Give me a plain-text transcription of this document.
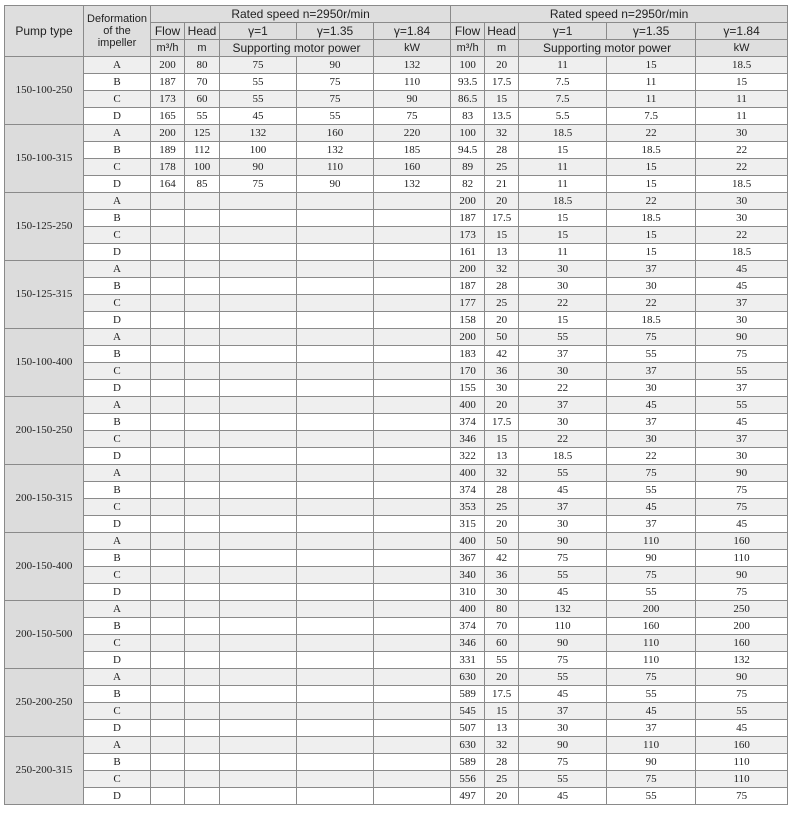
Pump type	Deformation of the impeller	Rated speed n=2950r/min					Rated speed n=2950r/min				
		Flow	Head	γ=1	γ=1.35	γ=1.84	Flow	Head	γ=1	γ=1.35	γ=1.84
		m³/h	m	Supporting motor power		kW	m³/h	m	Supporting motor power		kW
150-100-250	A	200	80	75	90	132	100	20	11	15	18.5
	B	187	70	55	75	110	93.5	17.5	7.5	11	15
	C	173	60	55	75	90	86.5	15	7.5	11	11
	D	165	55	45	55	75	83	13.5	5.5	7.5	11
150-100-315	A	200	125	132	160	220	100	32	18.5	22	30
	B	189	112	100	132	185	94.5	28	15	18.5	22
	C	178	100	90	110	160	89	25	11	15	22
	D	164	85	75	90	132	82	21	11	15	18.5
150-125-250	A						200	20	18.5	22	30
	B						187	17.5	15	18.5	30
	C						173	15	15	15	22
	D						161	13	11	15	18.5
150-125-315	A						200	32	30	37	45
	B						187	28	30	30	45
	C						177	25	22	22	37
	D						158	20	15	18.5	30
150-100-400	A						200	50	55	75	90
	B						183	42	37	55	75
	C						170	36	30	37	55
	D						155	30	22	30	37
200-150-250	A						400	20	37	45	55
	B						374	17.5	30	37	45
	C						346	15	22	30	37
	D						322	13	18.5	22	30
200-150-315	A						400	32	55	75	90
	B						374	28	45	55	75
	C						353	25	37	45	75
	D						315	20	30	37	45
200-150-400	A						400	50	90	110	160
	B						367	42	75	90	110
	C						340	36	55	75	90
	D						310	30	45	55	75
200-150-500	A						400	80	132	200	250
	B						374	70	110	160	200
	C						346	60	90	110	160
	D						331	55	75	110	132
250-200-250	A						630	20	55	75	90
	B						589	17.5	45	55	75
	C						545	15	37	45	55
	D						507	13	30	37	45
250-200-315	A						630	32	90	110	160
	B						589	28	75	90	110
	C						556	25	55	75	110
	D						497	20	45	55	75
